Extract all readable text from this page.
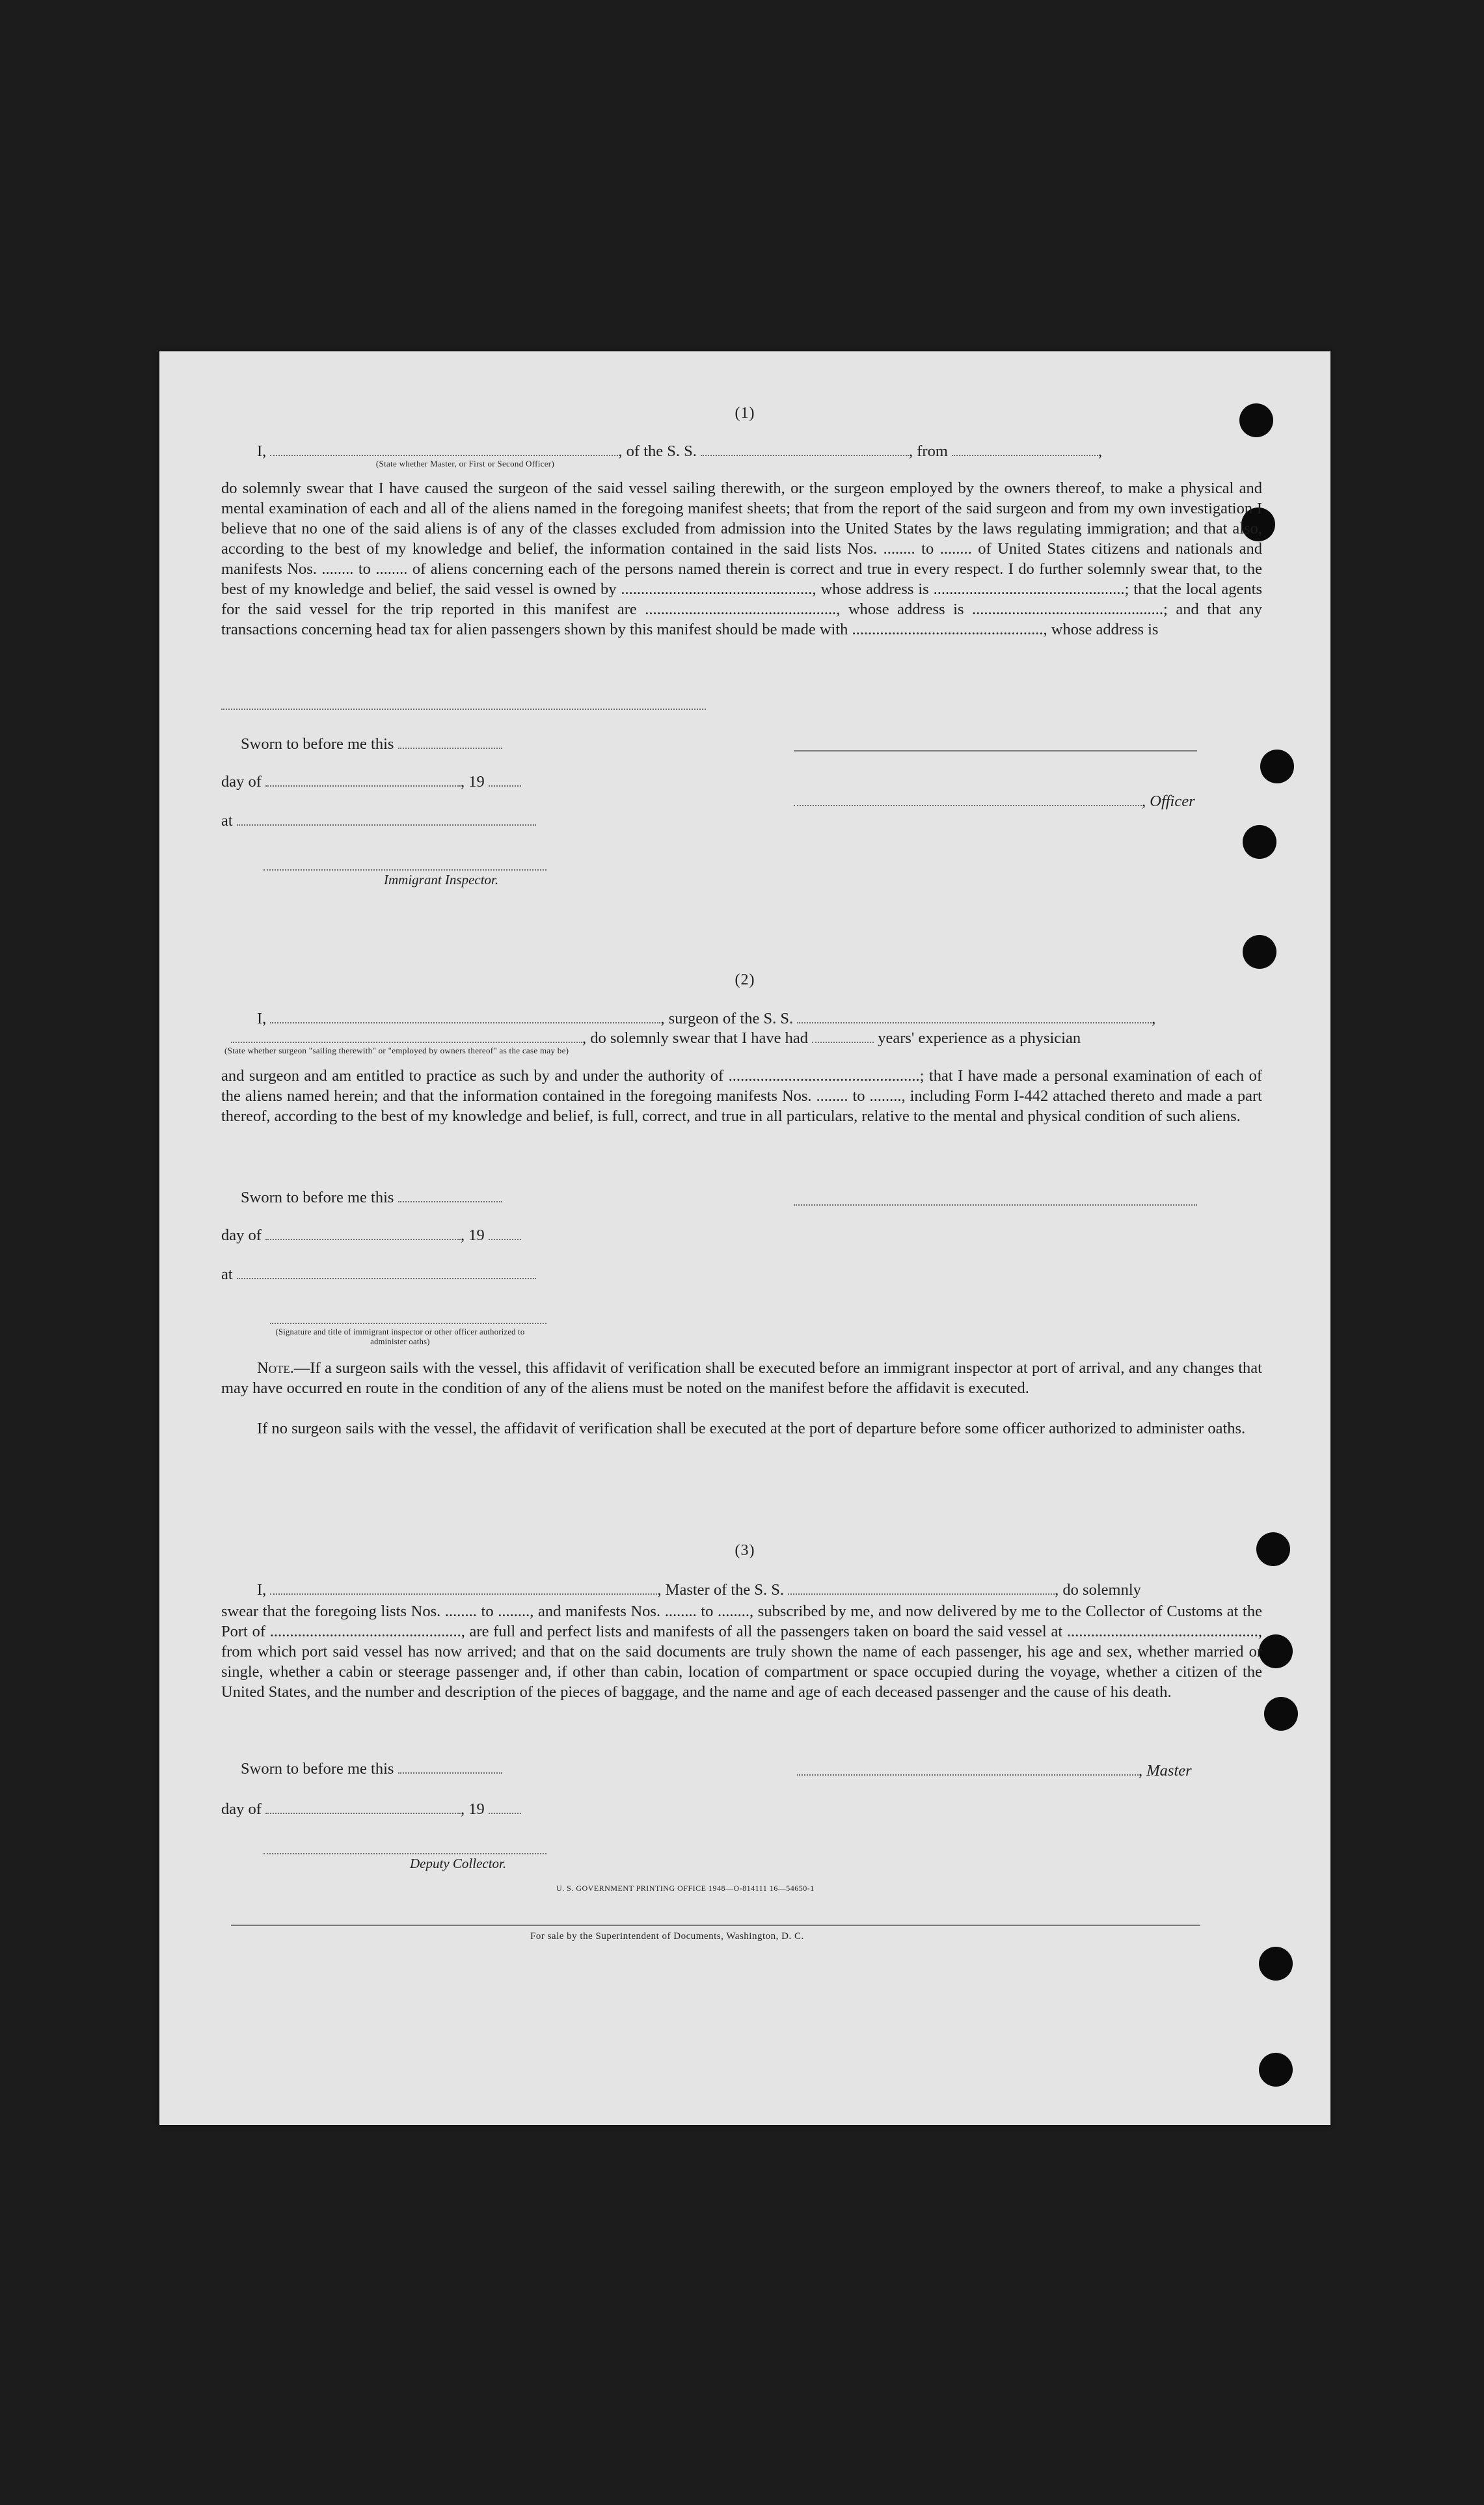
(1)
I,	, of the S. S.	, from	,
(State whether Master, or First or Second Officer)
do solemnly swear that I have caused the surgeon of the said vessel sailing therewith, or the surgeon employed by the owners thereof, to make a physical and mental examination of each and all of the aliens named in the foregoing manifest sheets; that from the report of the said surgeon and from my own investigation I believe that no one of the said aliens is of any of the classes excluded from admission into the United States by the laws regulating immigration; and that also, according to the best of my knowledge and belief, the information contained in the said lists Nos. ........ to ........ of United States citizens and nationals and manifests Nos. ........ to ........ of aliens concerning each of the persons named therein is correct and true in every respect. I do further solemnly swear that, to the best of my knowledge and belief, the said vessel is owned by ................................................, whose address is ................................................; that the local agents for the said vessel for the trip reported in this manifest are ................................................, whose address is ................................................; and that any transactions concerning head tax for alien passengers shown by this manifest should be made with ................................................, whose address is
Sworn to before me this
day of	, 19
, Officer
at
Immigrant Inspector.
(2)
I,	, surgeon of the S. S.	,
, do solemnly swear that I have had	years' experience as a physician
(State whether surgeon "sailing therewith" or "employed by owners thereof" as the case may be)
and surgeon and am entitled to practice as such by and under the authority of ................................................; that I have made a personal examination of each of the aliens named herein; and that the information contained in the foregoing manifests Nos. ........ to ........, including Form I-442 attached thereto and made a part thereof, according to the best of my knowledge and belief, is full, correct, and true in all particulars, relative to the mental and physical condition of such aliens.
Sworn to before me this
day of	, 19
at
(Signature and title of immigrant inspector or other officer authorized to administer oaths)
Note.—If a surgeon sails with the vessel, this affidavit of verification shall be executed before an immigrant inspector at port of arrival, and any changes that may have occurred en route in the condition of any of the aliens must be noted on the manifest before the affidavit is executed.
If no surgeon sails with the vessel, the affidavit of verification shall be executed at the port of departure before some officer authorized to administer oaths.
(3)
I,	, Master of the S. S.	, do solemnly
swear that the foregoing lists Nos. ........ to ........, and manifests Nos. ........ to ........, subscribed by me, and now delivered by me to the Collector of Customs at the Port of ................................................, are full and perfect lists and manifests of all the passengers taken on board the said vessel at ................................................, from which port said vessel has now arrived; and that on the said documents are truly shown the name of each passenger, his age and sex, whether married or single, whether a cabin or steerage passenger and, if other than cabin, location of compartment or space occupied during the voyage, whether a citizen of the United States, and the number and description of the pieces of baggage, and the name and age of each deceased passenger and the cause of his death.
Sworn to before me this	, Master
day of	, 19
Deputy Collector.
U. S. GOVERNMENT PRINTING OFFICE 1948—O-814111 16—54650-1
For sale by the Superintendent of Documents, Washington, D. C.
